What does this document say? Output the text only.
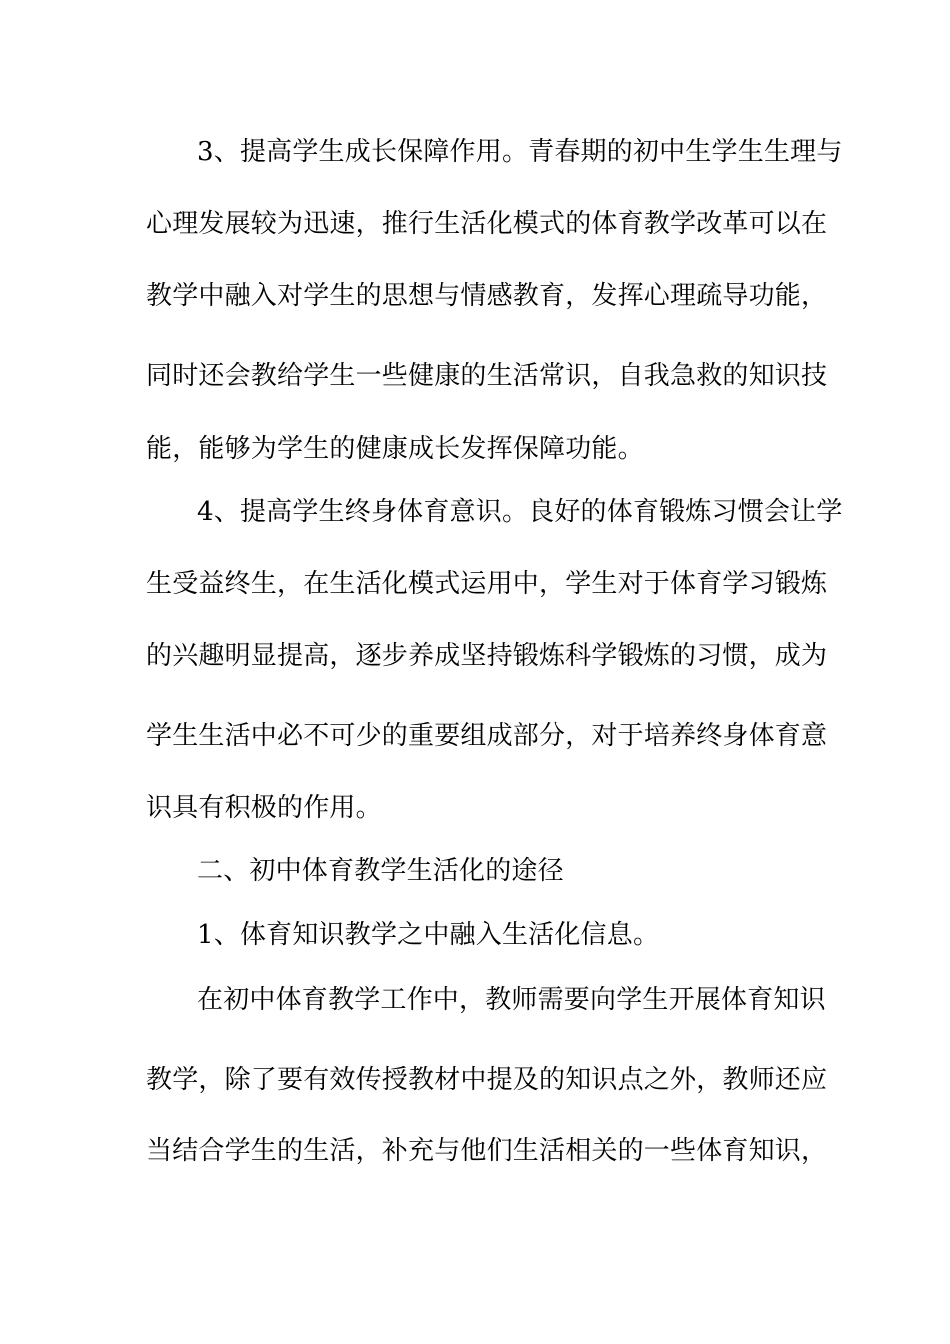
3、提高学生成长保障作用。青春期的初中生学生生理与
心理发展较为迅速，推行生活化模式的体育教学改革可以在
教学中融入对学生的思想与情感教育，发挥心理疏导功能，
同时还会教给学生一些健康的生活常识，自我急救的知识技
能，能够为学生的健康成长发挥保障功能。
4、提高学生终身体育意识。良好的体育锻炼习惯会让学
生受益终生，在生活化模式运用中，学生对于体育学习锻炼
的兴趣明显提高，逐步养成坚持锻炼科学锻炼的习惯，成为
学生生活中必不可少的重要组成部分，对于培养终身体育意
识具有积极的作用。
二、初中体育教学生活化的途径
1、体育知识教学之中融入生活化信息。
在初中体育教学工作中，教师需要向学生开展体育知识
教学，除了要有效传授教材中提及的知识点之外，教师还应
当结合学生的生活，补充与他们生活相关的一些体育知识，
